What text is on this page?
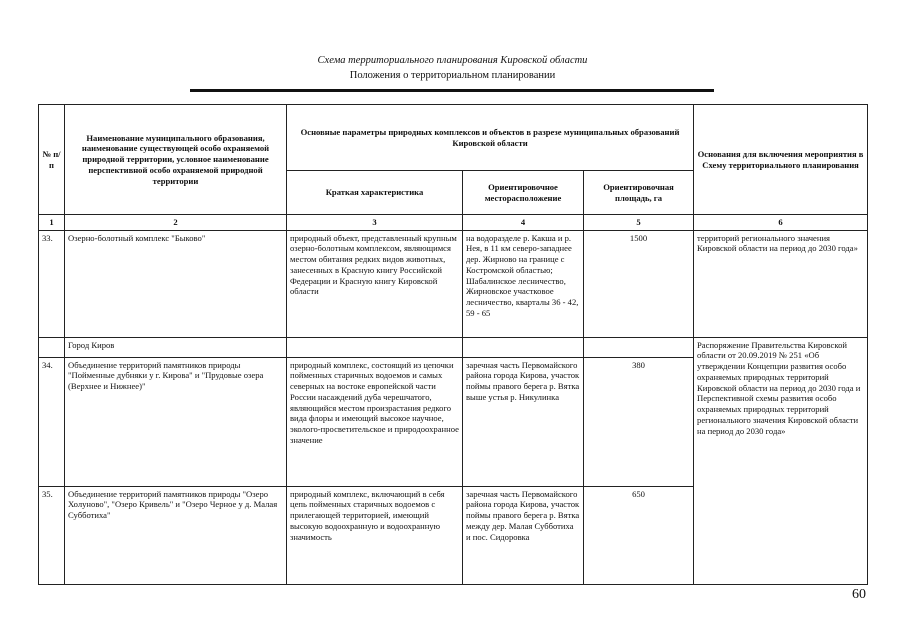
Схема территориального планирования Кировской области
Положения о территориальном планировании
№ п/п	Наименование муниципального образования, наименование существующей особо охраняемой природной территории, условное наименование перспективной особо охраняемой природной территории	Основные параметры природных комплексов и объектов в разрезе муниципальных образований Кировской области			Основания для включения мероприятия в Схему территориального планирования
		Краткая характеристика	Ориентировочное месторасположение	Ориентировочная площадь, га	
1	2	3	4	5	6
33.	Озерно-болотный комплекс "Быково"	природный объект, представленный крупным озерно-болотным комплексом, являющимся местом обитания редких видов животных, занесенных в Красную книгу Российской Федерации и Красную книгу Кировской области	на водоразделе р. Какша и р. Нея, в 11 км северо-западнее дер. Жирново на границе с Костромской областью; Шабалинское лесничество, Жирновское участковое лесничество, кварталы 36 - 42, 59 - 65	1500	территорий регионального значения Кировской области на период до 2030 года»
	Город Киров				Распоряжение Правительства Кировской области от 20.09.2019 № 251 «Об утверждении Концепции развития особо охраняемых природных территорий Кировской области на период до 2030 года и Перспективной схемы развития особо охраняемых природных территорий регионального значения Кировской области на период до 2030 года»
34.	Объединение территорий памятников природы "Пойменные дубняки у г. Кирова" и "Прудовые озера (Верхнее и Нижнее)"	природный комплекс, состоящий из цепочки пойменных старичных водоемов и самых северных на востоке европейской части России насаждений дуба черешчатого, являющийся местом произрастания редкого вида флоры и имеющий высокое научное, эколого-просветительское и природоохранное значение	заречная часть Первомайского района города Кирова, участок поймы правого берега р. Вятка выше устья р. Никулинка	380	
35.	Объединение территорий памятников природы "Озеро Холуново", "Озеро Кривель" и "Озеро Черное у д. Малая Субботиха"	природный комплекс, включающий в себя цепь пойменных старичных водоемов с прилегающей территорией, имеющий высокую водоохранную и водоохранную значимость	заречная часть Первомайского района города Кирова, участок поймы правого берега р. Вятка между дер. Малая Субботиха и пос. Сидоровка	650	
60
